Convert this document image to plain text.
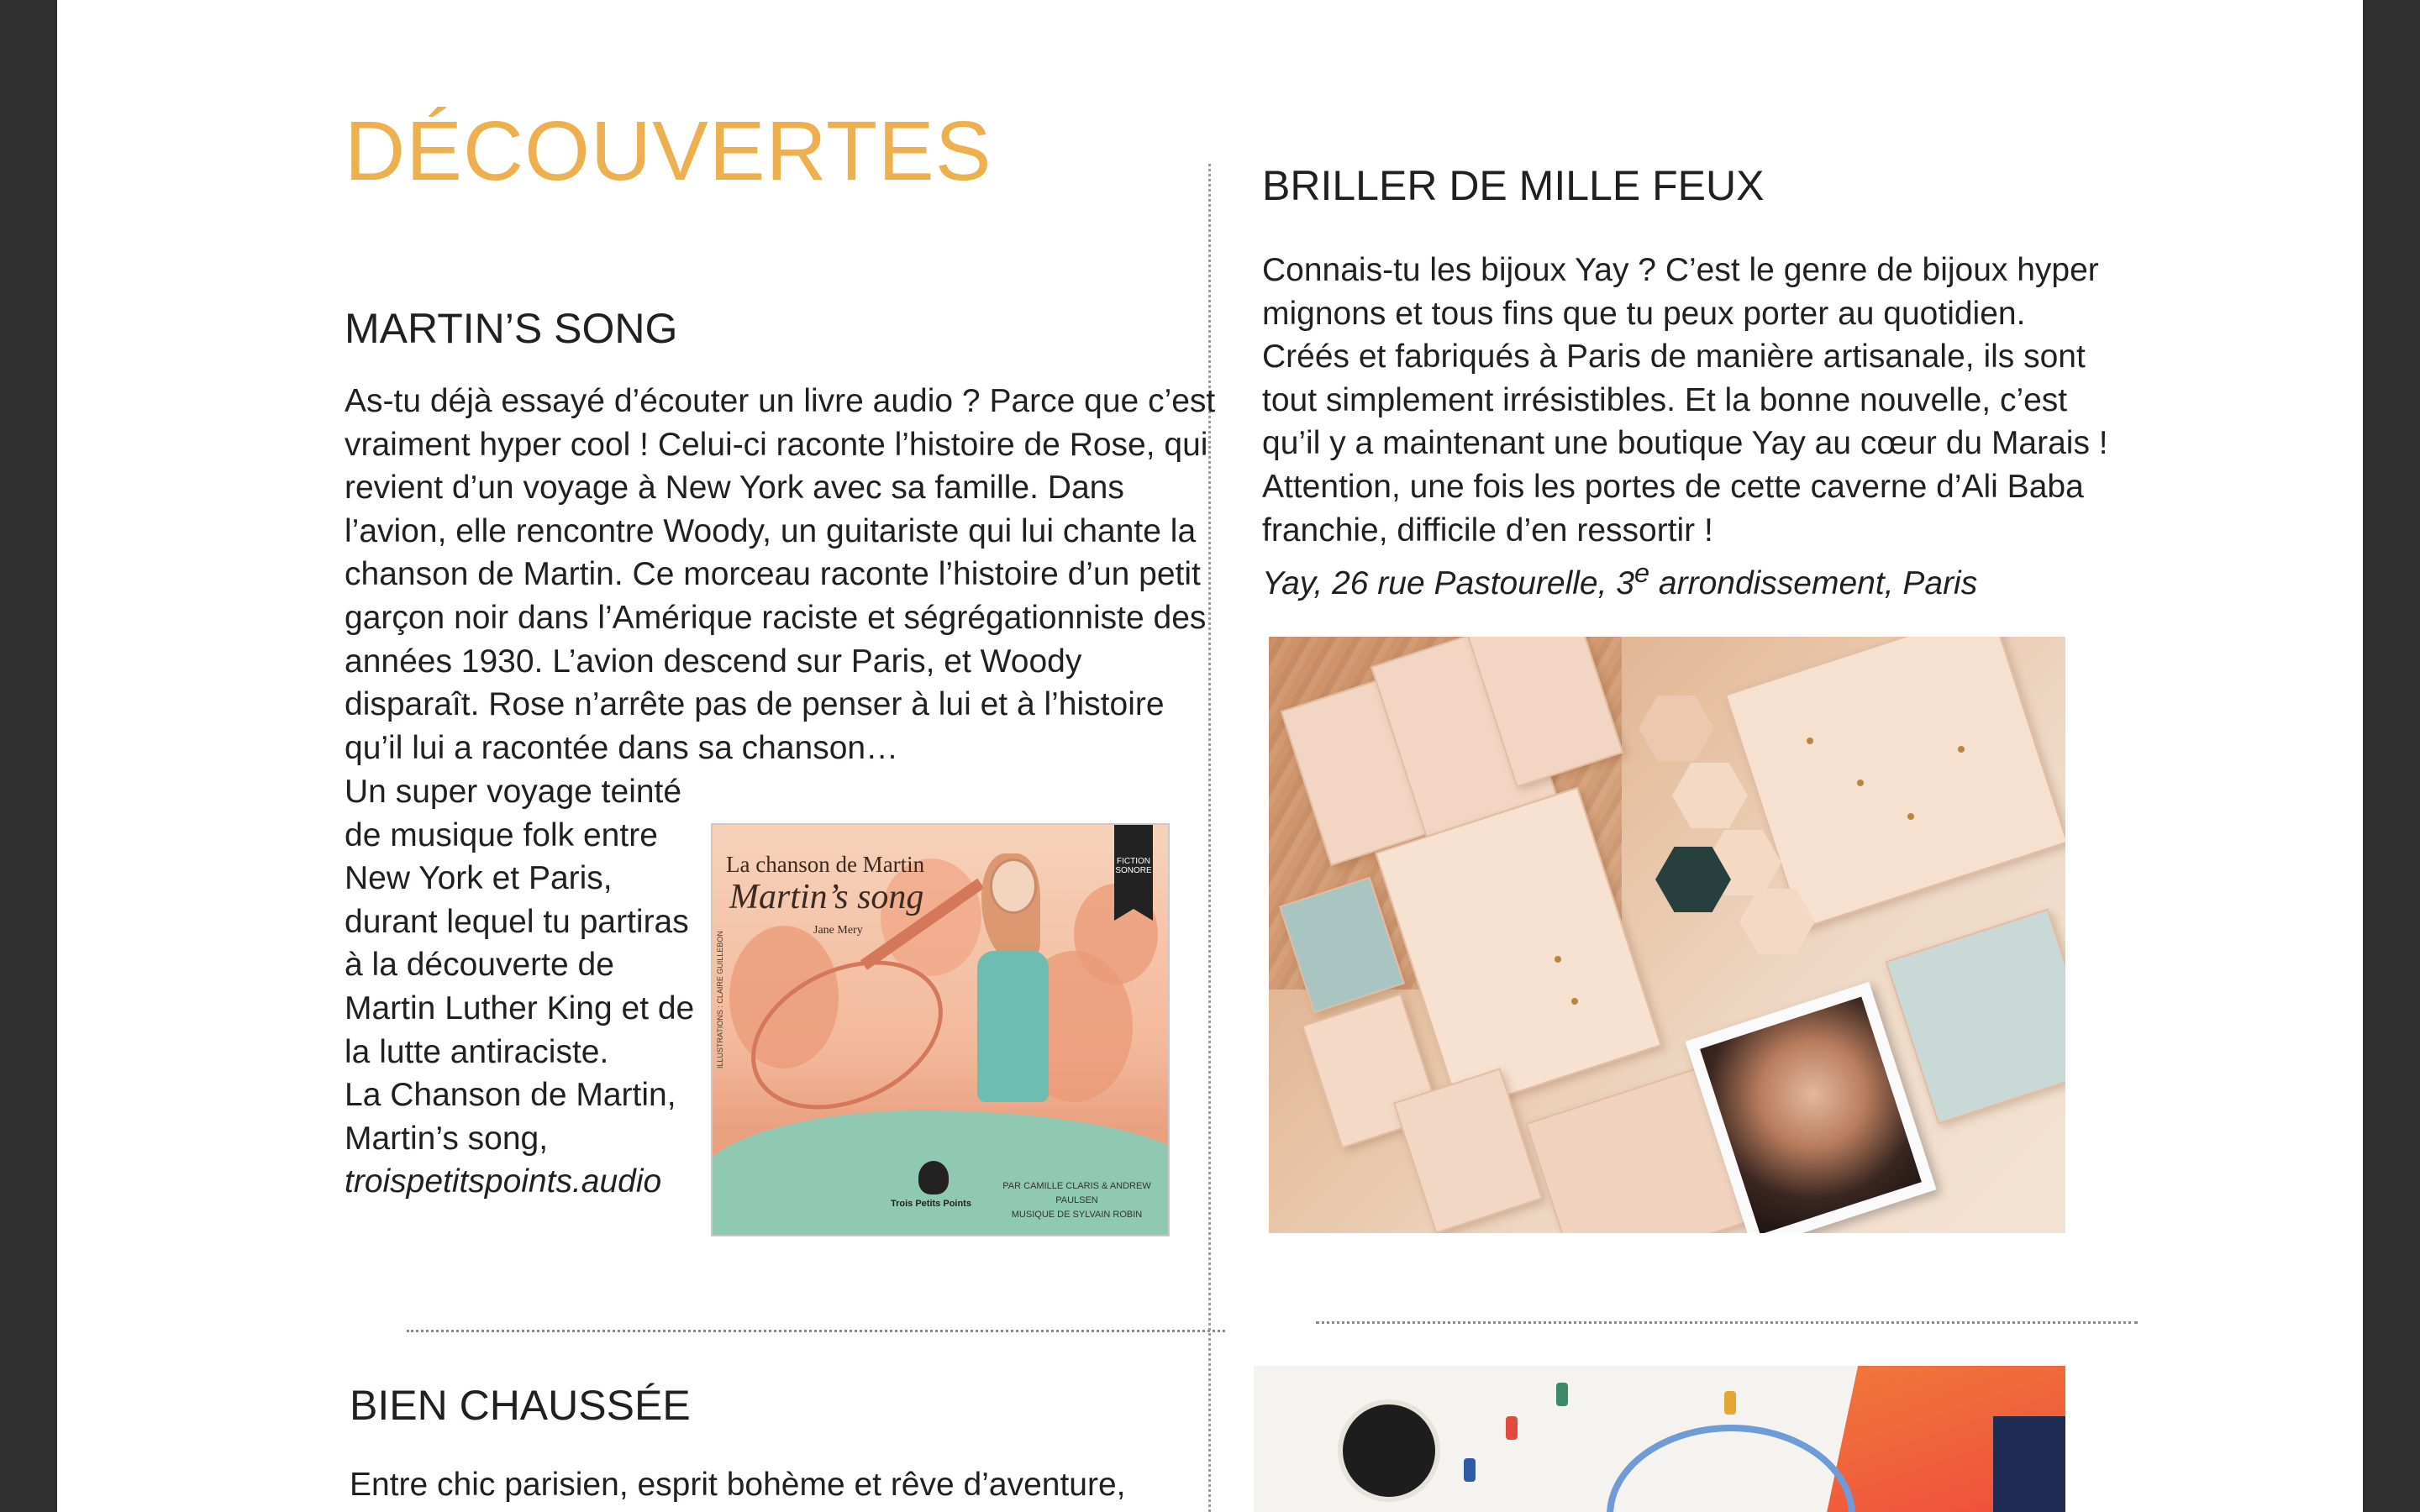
DÉCOUVERTES
MARTIN’S SONG

As-tu déjà essayé d’écouter un livre audio ? Parce que c’est vraiment hyper cool ! Celui-ci raconte l’histoire de Rose, qui revient d’un voyage à New York avec sa famille. Dans l’avion, elle rencontre Woody, un guitariste qui lui chante la chanson de Martin. Ce morceau raconte l’histoire d’un petit garçon noir dans l’Amérique raciste et ségrégationniste des années 1930. L’avion descend sur Paris, et Woody disparaît. Rose n’arrête pas de penser à lui et à l’histoire qu’il lui a racontée dans sa chanson…

Un super voyage teinté de musique folk entre New York et Paris, durant lequel tu partiras à la découverte de Martin Luther King et de la lutte antiraciste.

La Chanson de Martin, Martin’s song,

troispetitspoints.audio

La chanson de Martin
Martin’s song
Jane Mery
FICTION SONORE
ILLUSTRATIONS : CLAIRE GUILLEBON
Trois Petits Points
PAR CAMILLE CLARIS & ANDREW PAULSEN
MUSIQUE DE SYLVAIN ROBIN
BIEN CHAUSSÉE

Entre chic parisien, esprit bohème et rêve d’aventure,

BRILLER DE MILLE FEUX

Connais-tu les bijoux Yay ? C’est le genre de bijoux hyper mignons et tous fins que tu peux porter au quotidien. Créés et fabriqués à Paris de manière artisanale, ils sont tout simplement irrésistibles. Et la bonne nouvelle, c’est qu’il y a maintenant une boutique Yay au cœur du Marais ! Attention, une fois les portes de cette caverne d’Ali Baba franchie, difficile d’en ressortir !

Yay, 26 rue Pastourelle, 3e arrondissement, Paris
